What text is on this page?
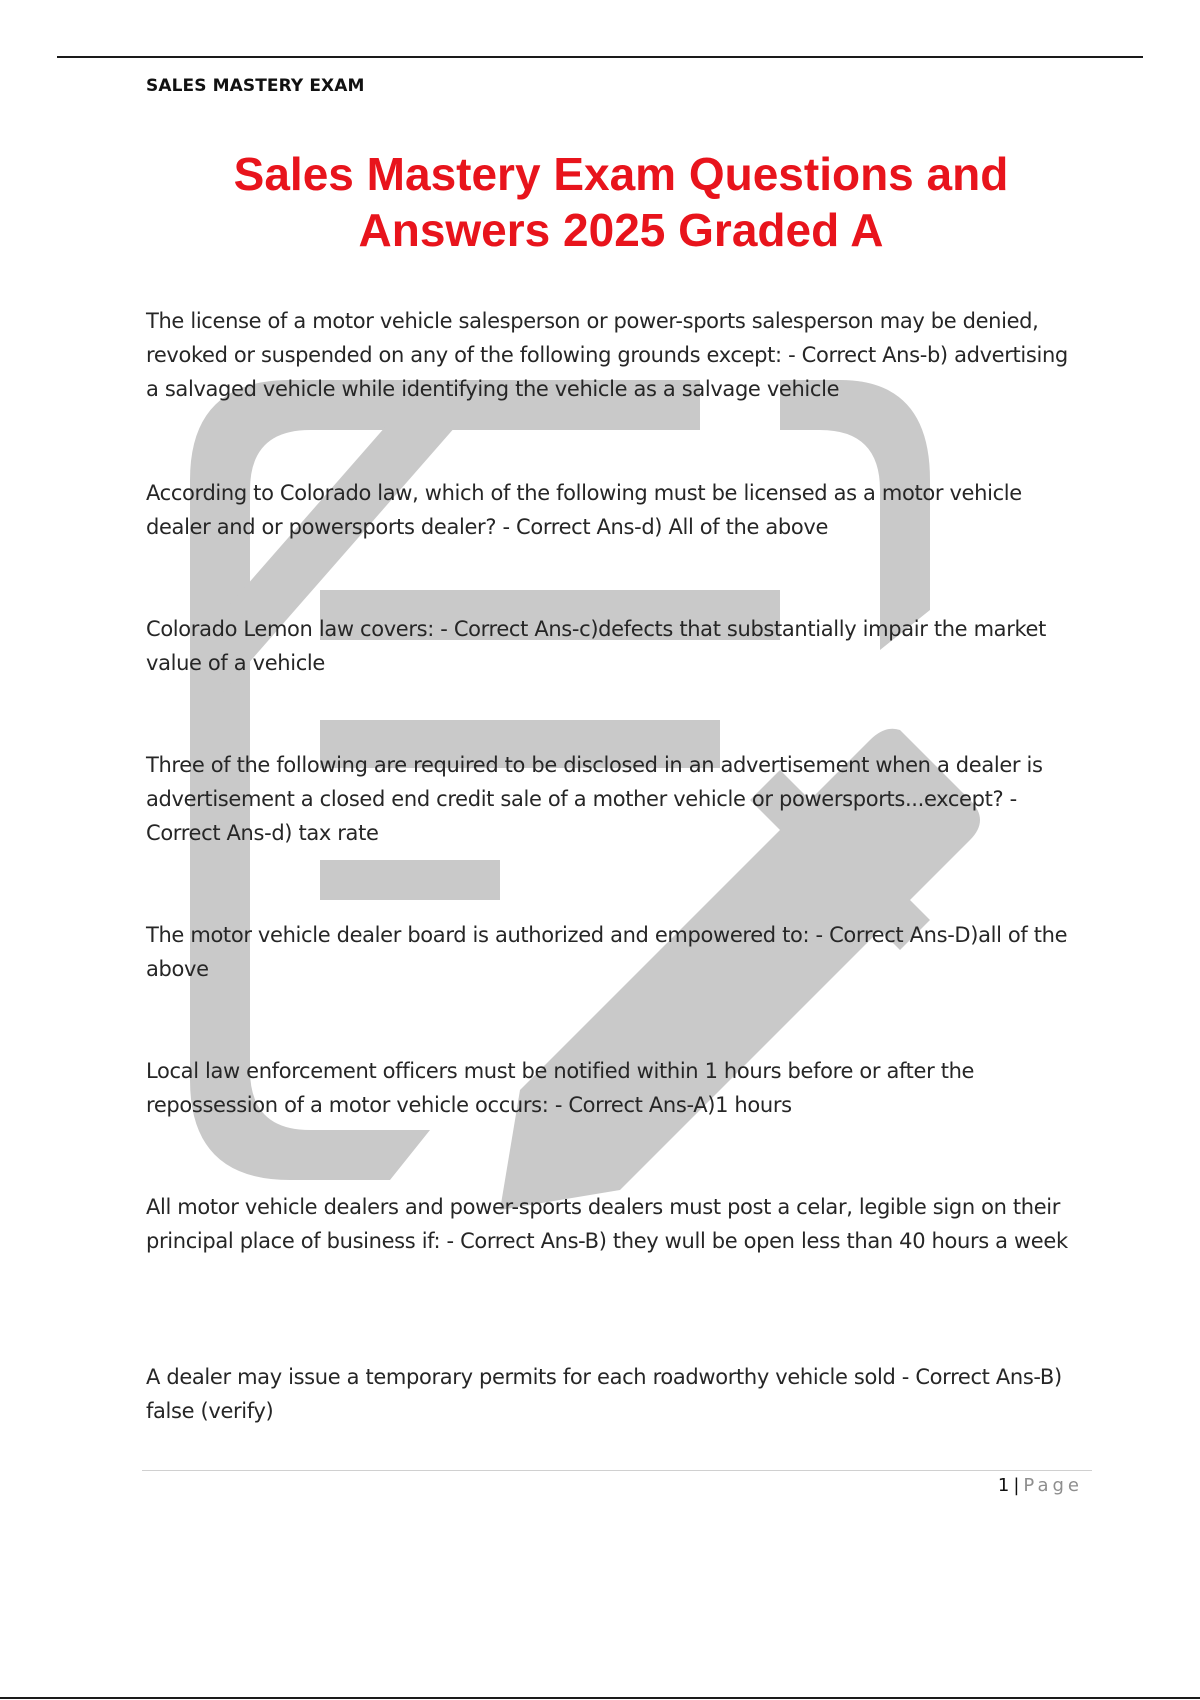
SALES MASTERY EXAM
Sales Mastery Exam Questions and
Answers 2025 Graded A
The license of a motor vehicle salesperson or power-sports salesperson may be denied, revoked or suspended on any of the following grounds except: - Correct Ans-b) advertising a salvaged vehicle while identifying the vehicle as a salvage vehicle
According to Colorado law, which of the following must be licensed as a motor vehicle dealer and or powersports dealer? - Correct Ans-d) All of the above
Colorado Lemon law covers: - Correct Ans-c)defects that substantially impair the market value of a vehicle
Three of the following are required to be disclosed in an advertisement when a dealer is advertisement a closed end credit sale of a mother vehicle or powersports...except? - Correct Ans-d) tax rate
The motor vehicle dealer board is authorized and empowered to: - Correct Ans-D)all of the above
Local law enforcement officers must be notified within 1 hours before or after the repossession of a motor vehicle occurs: - Correct Ans-A)1 hours
All motor vehicle dealers and power-sports dealers must post a celar, legible sign on their principal place of business if: - Correct Ans-B) they wull be open less than 40 hours a week
A dealer may issue a temporary permits for each roadworthy vehicle sold - Correct Ans-B) false (verify)
1 | Page
